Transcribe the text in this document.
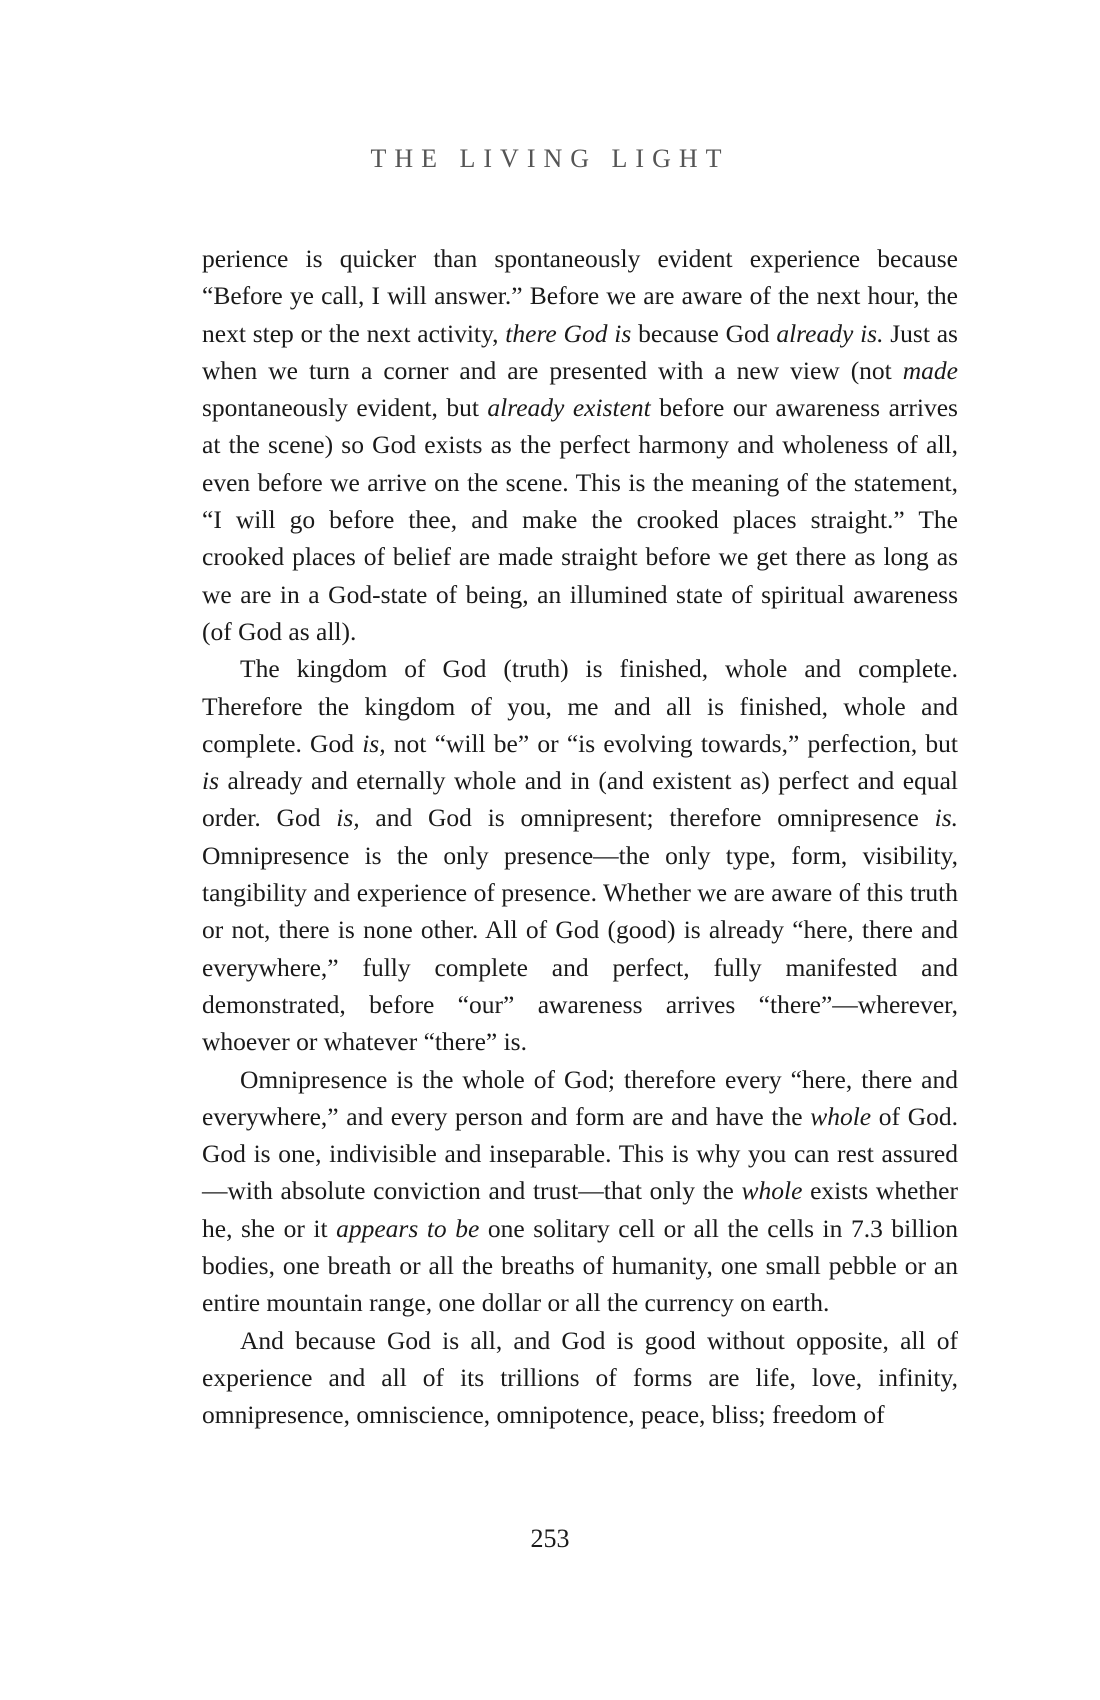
THE LIVING LIGHT

perience is quicker than spontaneously evident experience because “Before ye call, I will answer.” Before we are aware of the next hour, the next step or the next activity, there God is because God already is. Just as when we turn a corner and are presented with a new view (not made spontaneously evident, but already existent before our awareness arrives at the scene) so God exists as the perfect harmony and wholeness of all, even before we arrive on the scene. This is the meaning of the statement, “I will go before thee, and make the crooked places straight.” The crooked places of belief are made straight before we get there as long as we are in a God-state of being, an illumined state of spiritual awareness (of God as all).

The kingdom of God (truth) is finished, whole and complete. Therefore the kingdom of you, me and all is finished, whole and complete. God is, not “will be” or “is evolving towards,” perfection, but is already and eternally whole and in (and existent as) perfect and equal order. God is, and God is omnipresent; therefore omnipresence is. Omnipresence is the only presence—the only type, form, visibility, tangibility and experience of presence. Whether we are aware of this truth or not, there is none other. All of God (good) is already “here, there and everywhere,” fully complete and perfect, fully manifested and demonstrated, before “our” awareness arrives “there”—wherever, whoever or whatever “there” is.

Omnipresence is the whole of God; therefore every “here, there and everywhere,” and every person and form are and have the whole of God. God is one, indivisible and inseparable. This is why you can rest assured—with absolute conviction and trust—that only the whole exists whether he, she or it appears to be one solitary cell or all the cells in 7.3 billion bodies, one breath or all the breaths of humanity, one small pebble or an entire mountain range, one dollar or all the currency on earth.

And because God is all, and God is good without opposite, all of experience and all of its trillions of forms are life, love, infinity, omnipresence, omniscience, omnipotence, peace, bliss; freedom of

253
